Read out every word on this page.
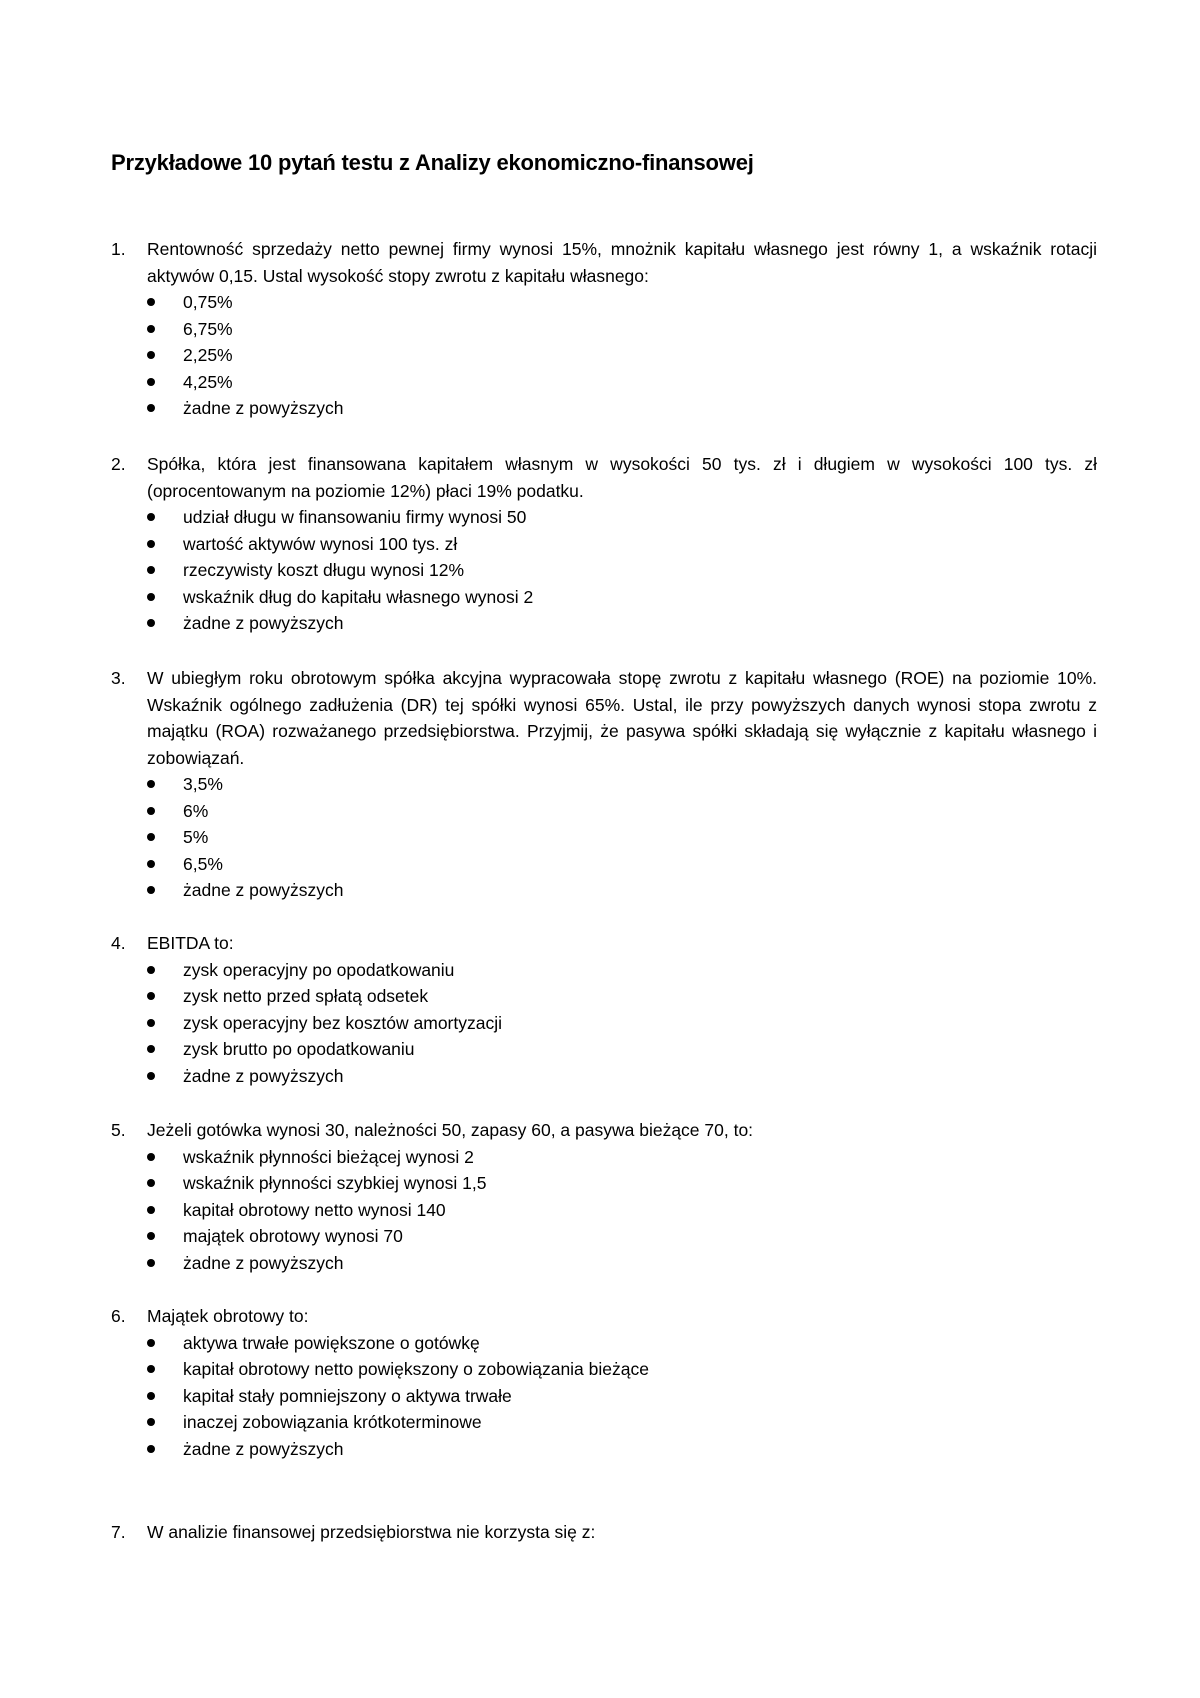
Przykładowe 10 pytań testu z Analizy ekonomiczno-finansowej
1. Rentowność sprzedaży netto pewnej firmy wynosi 15%, mnożnik kapitału własnego jest równy 1, a wskaźnik rotacji aktywów 0,15. Ustal wysokość stopy zwrotu z kapitału własnego:
0,75%
6,75%
2,25%
4,25%
żadne z powyższych
2. Spółka, która jest finansowana kapitałem własnym w wysokości 50 tys. zł i długiem w wysokości 100 tys. zł (oprocentowanym na poziomie 12%) płaci 19% podatku.
udział długu w finansowaniu firmy wynosi 50
wartość aktywów wynosi 100 tys. zł
rzeczywisty koszt długu wynosi 12%
wskaźnik dług do kapitału własnego wynosi 2
żadne z powyższych
3. W ubiegłym roku obrotowym spółka akcyjna wypracowała stopę zwrotu z kapitału własnego (ROE) na poziomie 10%. Wskaźnik ogólnego zadłużenia (DR) tej spółki wynosi 65%. Ustal, ile przy powyższych danych wynosi stopa zwrotu z majątku (ROA) rozważanego przedsiębiorstwa. Przyjmij, że pasywa spółki składają się wyłącznie z kapitału własnego i zobowiązań.
3,5%
6%
5%
6,5%
żadne z powyższych
4. EBITDA to:
zysk operacyjny po opodatkowaniu
zysk netto przed spłatą odsetek
zysk operacyjny bez kosztów amortyzacji
zysk brutto po opodatkowaniu
żadne z powyższych
5. Jeżeli gotówka wynosi 30, należności 50, zapasy 60, a pasywa bieżące 70, to:
wskaźnik płynności bieżącej wynosi 2
wskaźnik płynności szybkiej wynosi 1,5
kapitał obrotowy netto wynosi 140
majątek obrotowy wynosi 70
żadne z powyższych
6. Majątek obrotowy to:
aktywa trwałe powiększone o gotówkę
kapitał obrotowy netto powiększony o zobowiązania bieżące
kapitał stały pomniejszony o aktywa trwałe
inaczej zobowiązania krótkoterminowe
żadne z powyższych
7. W analizie finansowej przedsiębiorstwa nie korzysta się z:
